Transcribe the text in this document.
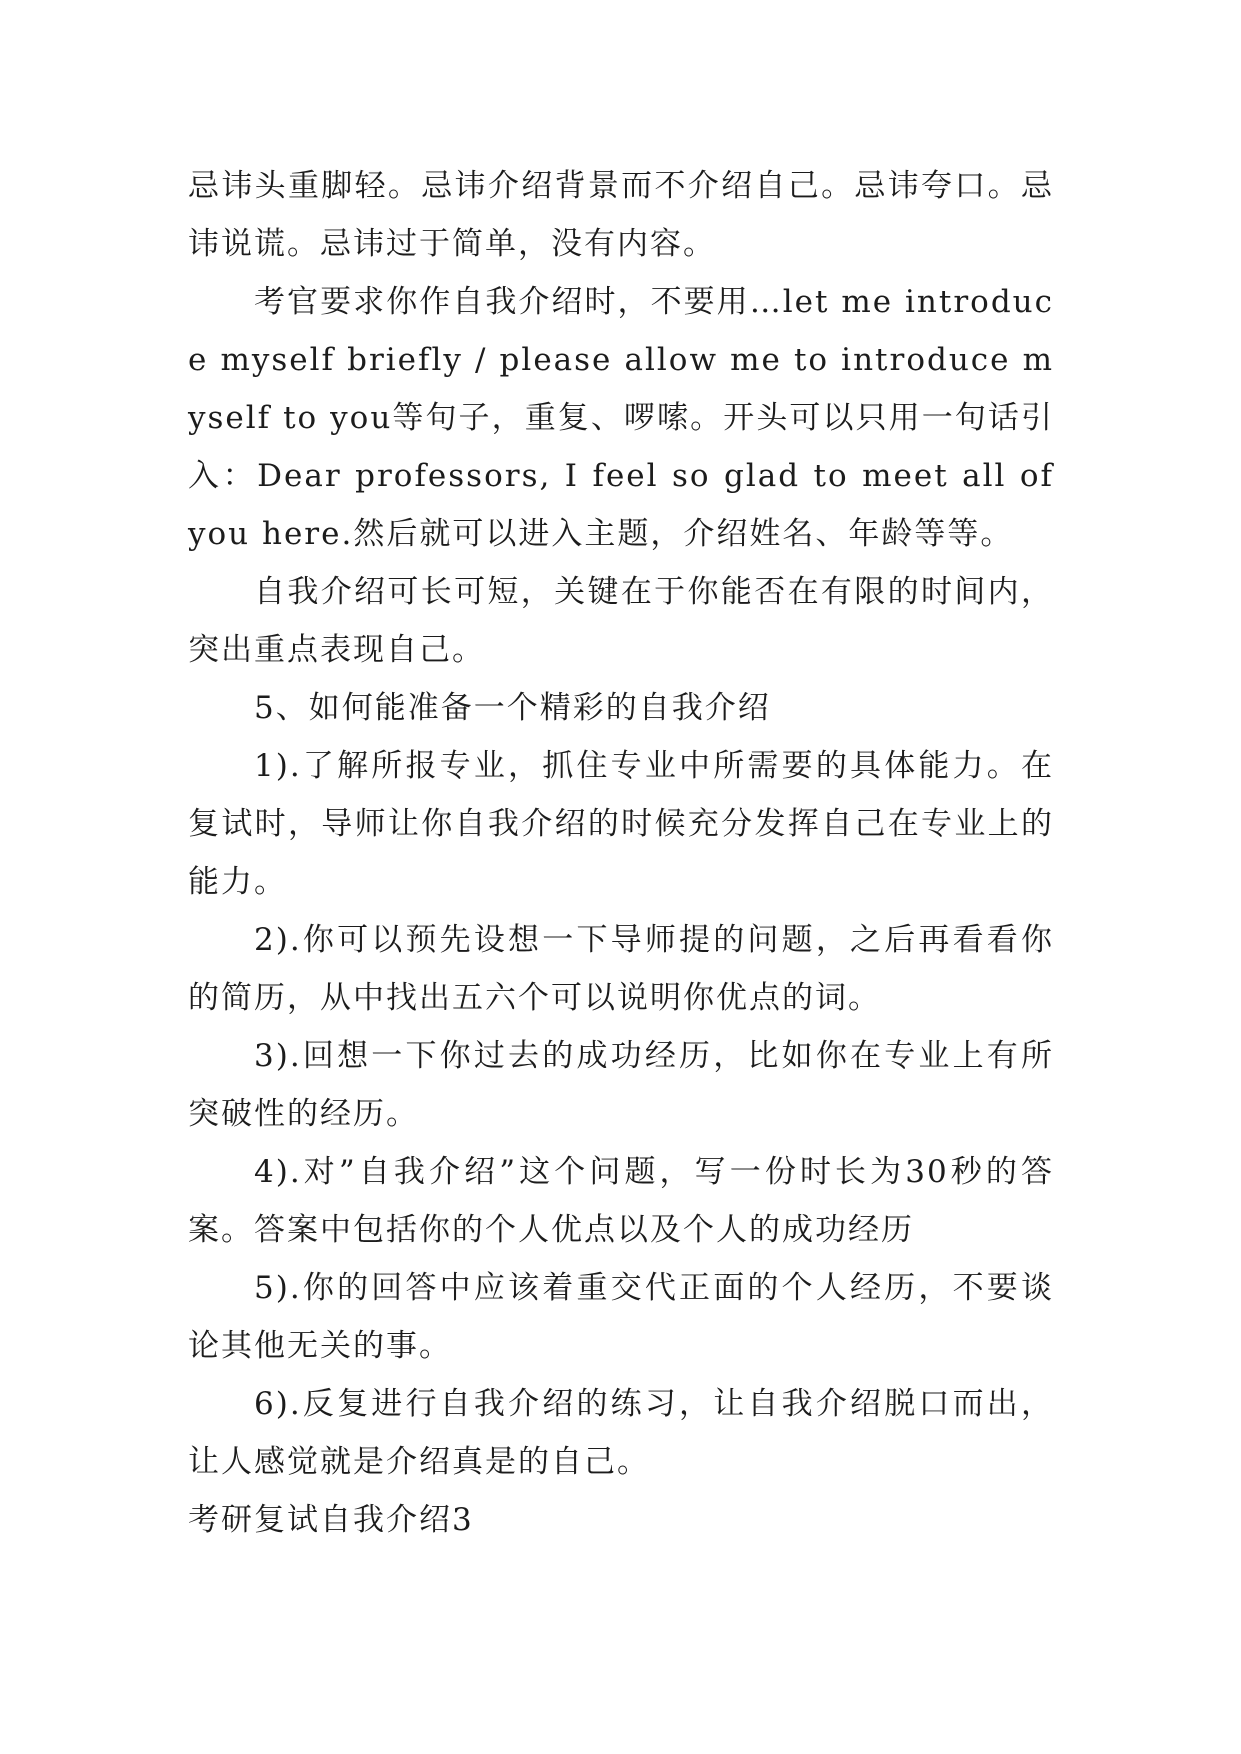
忌讳头重脚轻。忌讳介绍背景而不介绍自己。忌讳夸口。忌讳说谎。忌讳过于简单，没有内容。

考官要求你作自我介绍时，不要用…let me introduce myself briefly / please allow me to introduce myself to you等句子，重复、啰嗦。开头可以只用一句话引入：Dear professors, I feel so glad to meet all of you here.然后就可以进入主题，介绍姓名、年龄等等。

自我介绍可长可短，关键在于你能否在有限的时间内，突出重点表现自己。

5、如何能准备一个精彩的自我介绍

1).了解所报专业，抓住专业中所需要的具体能力。在复试时，导师让你自我介绍的时候充分发挥自己在专业上的能力。

2).你可以预先设想一下导师提的问题，之后再看看你的简历，从中找出五六个可以说明你优点的词。

3).回想一下你过去的成功经历，比如你在专业上有所突破性的经历。

4).对”自我介绍”这个问题，写一份时长为30秒的答案。答案中包括你的个人优点以及个人的成功经历

5).你的回答中应该着重交代正面的个人经历，不要谈论其他无关的事。

6).反复进行自我介绍的练习，让自我介绍脱口而出，让人感觉就是介绍真是的自己。

考研复试自我介绍3
